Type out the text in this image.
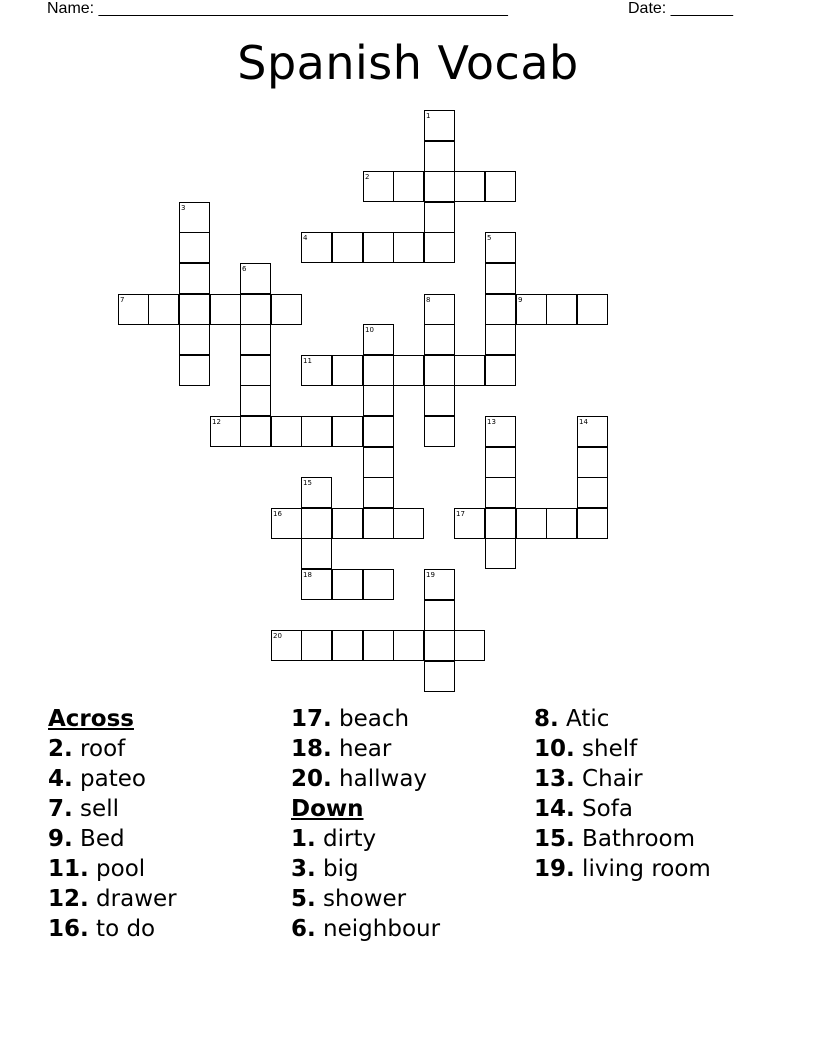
Name: ______________________________________________	Date: _______
Spanish Vocab
1
2
3
4	5
6
7	8	9
10
11
12	13	14
15
18
16	17
19
20
Across
2. roof
4. pateo
7. sell
9. Bed
11. pool
12. drawer
16. to do
17. beach
18. hear
20. hallway
Down
1. dirty
3. big
5. shower
6. neighbour
8. Atic
10. shelf
13. Chair
14. Sofa
15. Bathroom
19. living room
